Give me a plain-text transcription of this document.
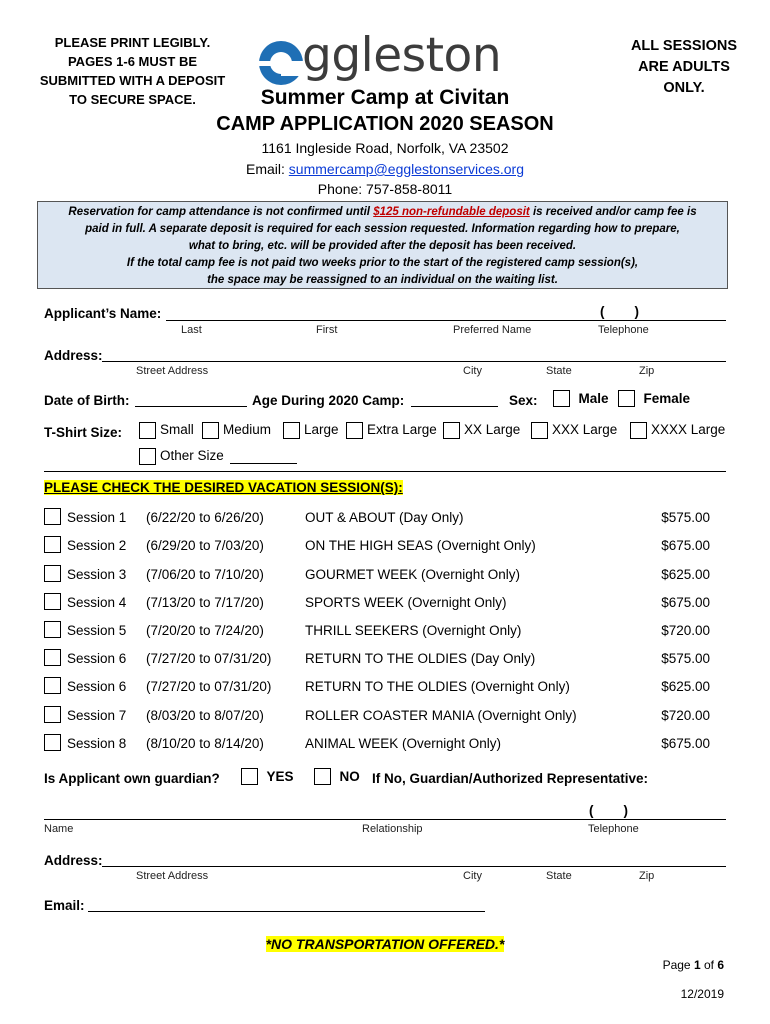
PLEASE PRINT LEGIBLY.
PAGES 1-6 MUST BE
SUBMITTED WITH A DEPOSIT
TO SECURE SPACE.
ggleston
Summer Camp at Civitan
ALL SESSIONS
ARE ADULTS
ONLY.
CAMP APPLICATION 2020 SEASON
1161 Ingleside Road, Norfolk, VA 23502
Email: summercamp@egglestonservices.org
Phone: 757-858-8011
Reservation for camp attendance is not confirmed until $125 non-refundable deposit is received and/or camp fee is
paid in full. A separate deposit is required for each session requested. Information regarding how to prepare,
what to bring, etc. will be provided after the deposit has been received.
If the total camp fee is not paid two weeks prior to the start of the registered camp session(s),
the space may be reassigned to an individual on the waiting list.
Applicant’s Name:	(        )
Last	First	Preferred Name	Telephone
Address:
Street Address	City	State	Zip
Date of Birth:	Age During 2020 Camp:	Sex:	Male	Female
T-Shirt Size:	Small	Medium	Large	Extra Large	XX Large	XXX Large	XXXX Large
Other Size
PLEASE CHECK THE DESIRED VACATION SESSION(S):
Session 1 (6/22/20 to 6/26/20)	OUT & ABOUT (Day Only)	$575.00
Session 2 (6/29/20 to 7/03/20)	ON THE HIGH SEAS (Overnight Only)	$675.00
Session 3 (7/06/20 to 7/10/20)	GOURMET WEEK (Overnight Only)	$625.00
Session 4 (7/13/20 to 7/17/20)	SPORTS WEEK (Overnight Only)	$675.00
Session 5 (7/20/20 to 7/24/20)	THRILL SEEKERS (Overnight Only)	$720.00
Session 6 (7/27/20 to 07/31/20) RETURN TO THE OLDIES (Day Only)	$575.00
Session 6 (7/27/20 to 07/31/20) RETURN TO THE OLDIES (Overnight Only)	$625.00
Session 7 (8/03/20 to 8/07/20)	ROLLER COASTER MANIA (Overnight Only)	$720.00
Session 8 (8/10/20 to 8/14/20)	ANIMAL WEEK (Overnight Only)	$675.00
Is Applicant own guardian?	YES	NO If No, Guardian/Authorized Representative:
(        )
Name	Relationship	Telephone
Address:
Street Address	City	State	Zip
Email:
*NO TRANSPORTATION OFFERED.*
Page 1 of 6
12/2019
